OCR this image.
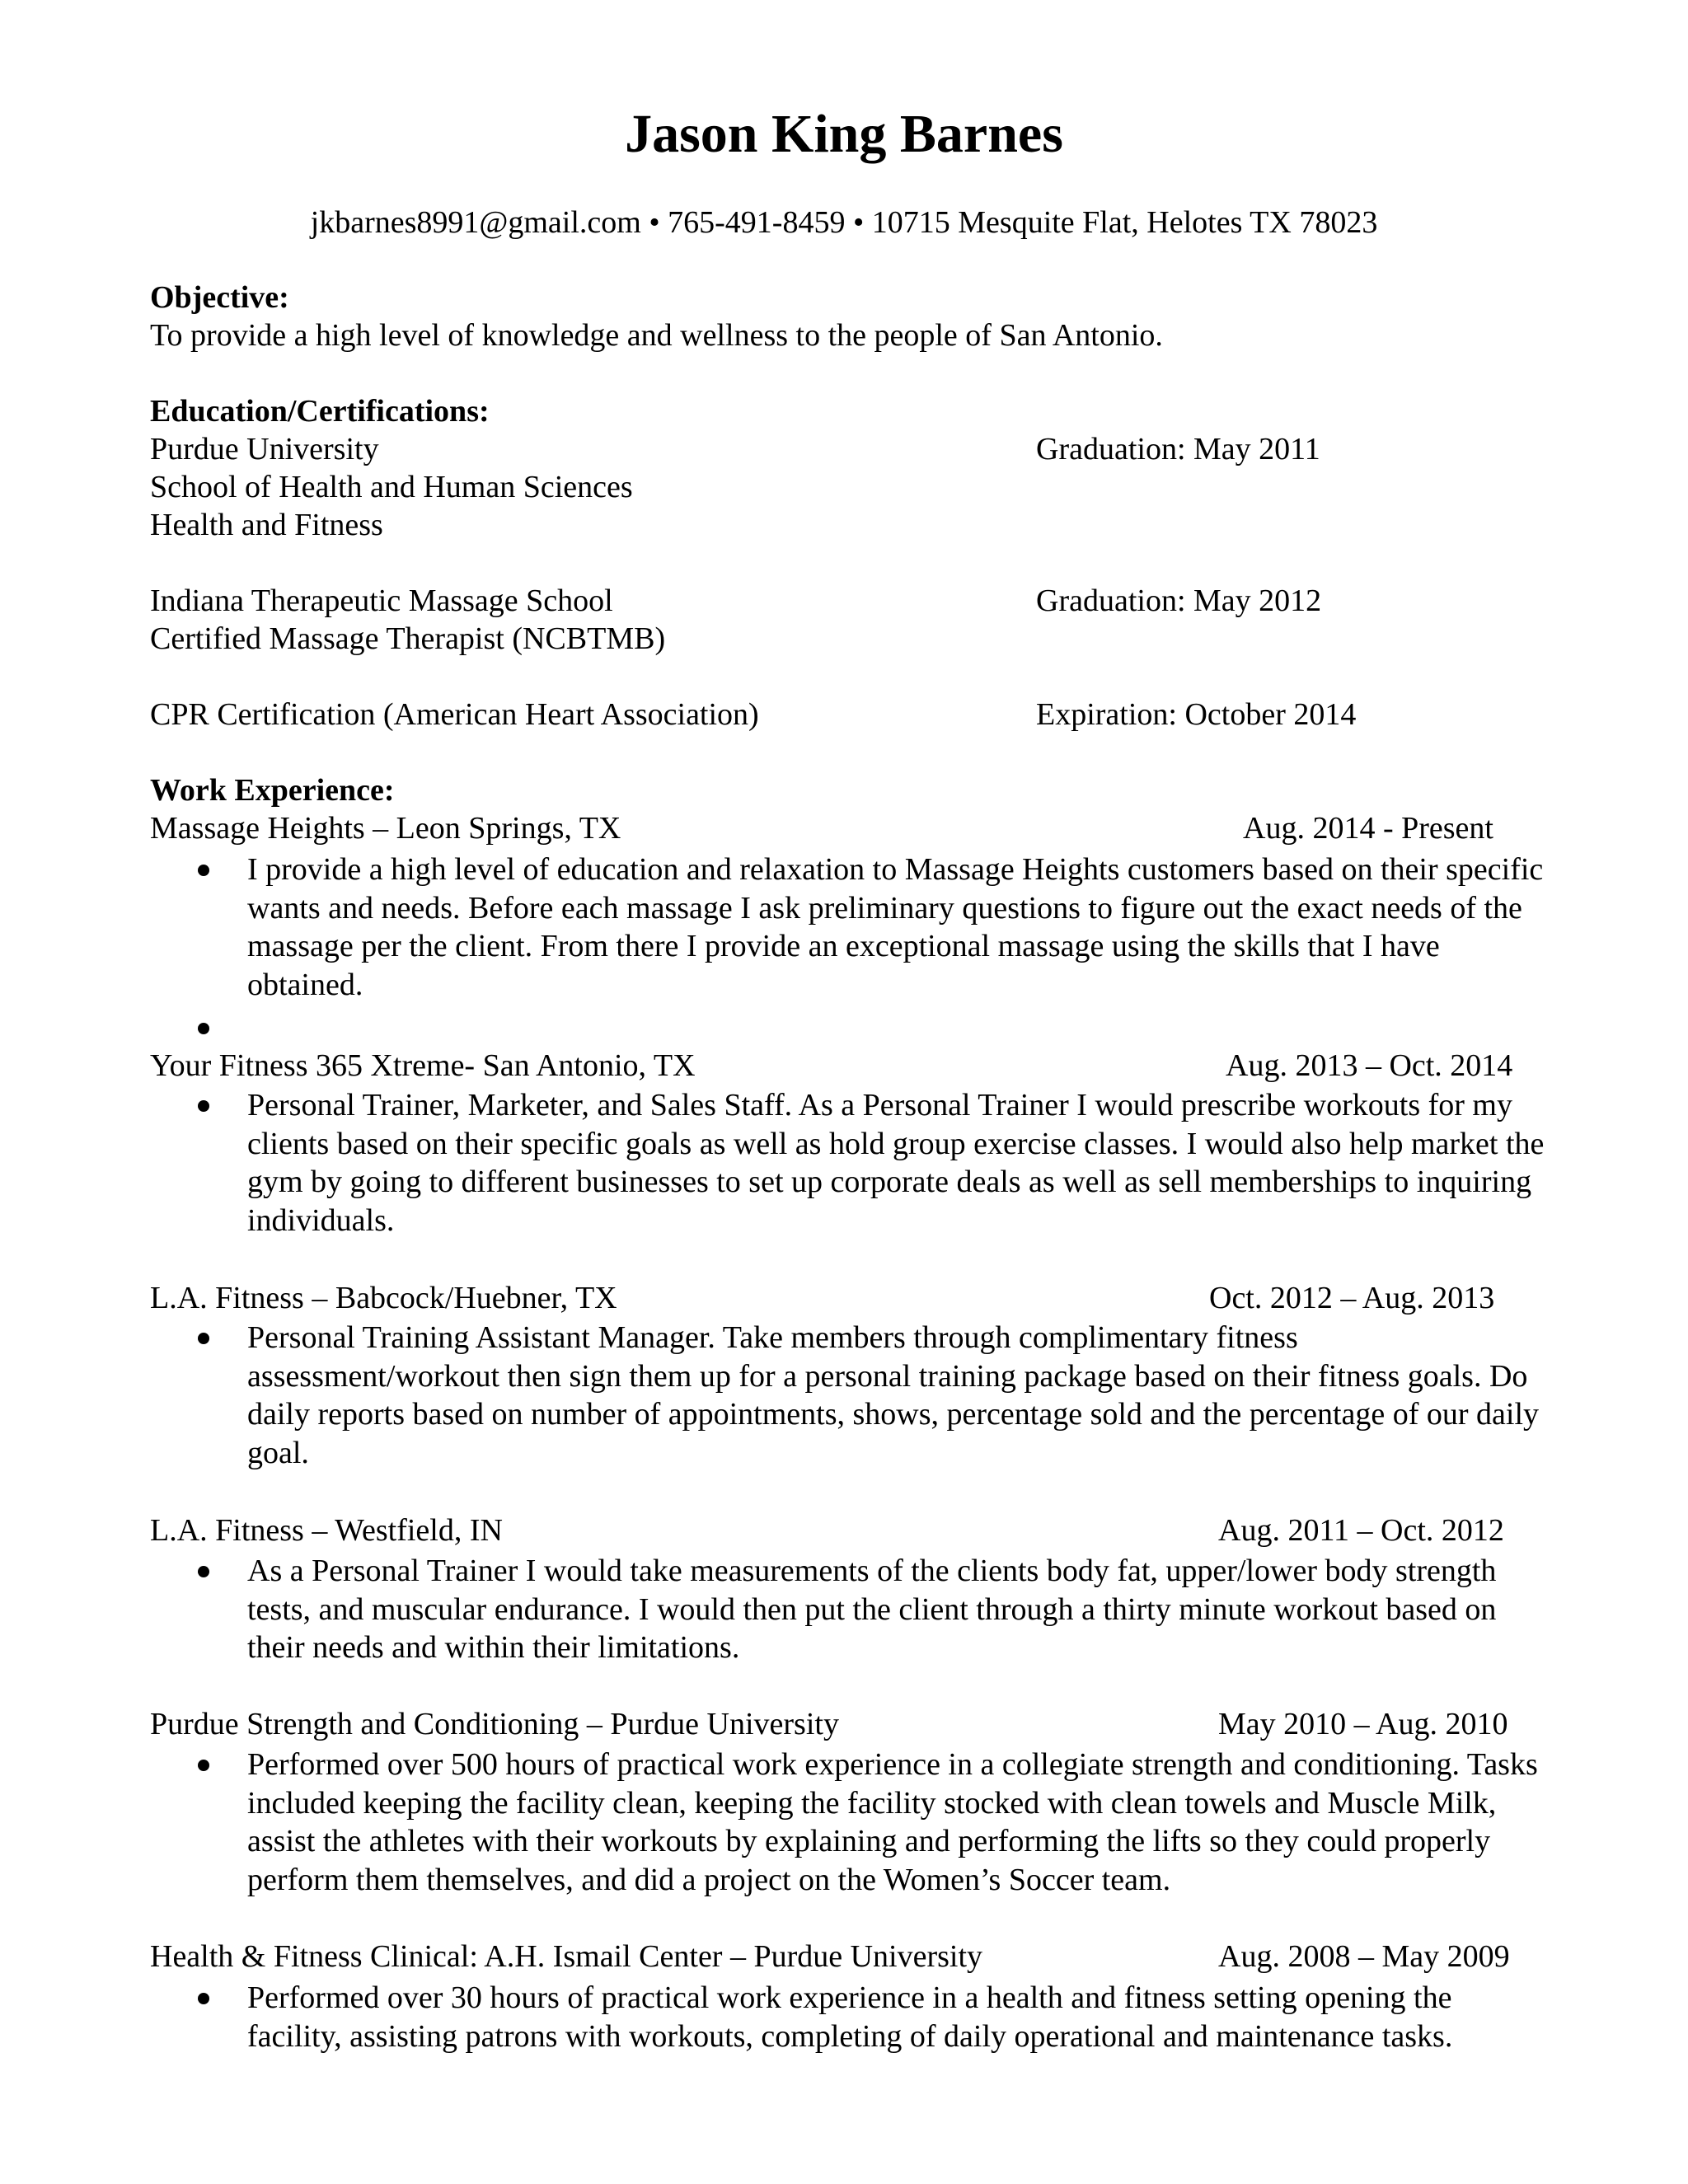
Jason King Barnes
jkbarnes8991@gmail.com • 765-491-8459 • 10715 Mesquite Flat, Helotes TX 78023
Objective:
To provide a high level of knowledge and wellness to the people of San Antonio.
Education/Certifications:
Purdue University	Graduation: May 2011
School of Health and Human Sciences
Health and Fitness
Indiana Therapeutic Massage School	Graduation: May 2012
Certified Massage Therapist (NCBTMB)
CPR Certification (American Heart Association)	Expiration: October 2014
Work Experience:
Massage Heights – Leon Springs, TX	Aug. 2014 - Present
I provide a high level of education and relaxation to Massage Heights customers based on their specific wants and needs. Before each massage I ask preliminary questions to figure out the exact needs of the massage per the client. From there I provide an exceptional massage using the skills that I have obtained.
Your Fitness 365 Xtreme- San Antonio, TX	Aug. 2013 – Oct. 2014
Personal Trainer, Marketer, and Sales Staff. As a Personal Trainer I would prescribe workouts for my clients based on their specific goals as well as hold group exercise classes. I would also help market the gym by going to different businesses to set up corporate deals as well as sell memberships to inquiring individuals.
L.A. Fitness – Babcock/Huebner, TX	Oct. 2012 – Aug. 2013
Personal Training Assistant Manager. Take members through complimentary fitness assessment/workout then sign them up for a personal training package based on their fitness goals. Do daily reports based on number of appointments, shows, percentage sold and the percentage of our daily goal.
L.A. Fitness – Westfield, IN	Aug. 2011 – Oct. 2012
As a Personal Trainer I would take measurements of the clients body fat, upper/lower body strength tests, and muscular endurance. I would then put the client through a thirty minute workout based on their needs and within their limitations.
Purdue Strength and Conditioning – Purdue University	May 2010 – Aug. 2010
Performed over 500 hours of practical work experience in a collegiate strength and conditioning. Tasks included keeping the facility clean, keeping the facility stocked with clean towels and Muscle Milk, assist the athletes with their workouts by explaining and performing the lifts so they could properly perform them themselves, and did a project on the Women’s Soccer team.
Health & Fitness Clinical: A.H. Ismail Center – Purdue University	Aug. 2008 – May 2009
Performed over 30 hours of practical work experience in a health and fitness setting opening the facility, assisting patrons with workouts, completing of daily operational and maintenance tasks.
